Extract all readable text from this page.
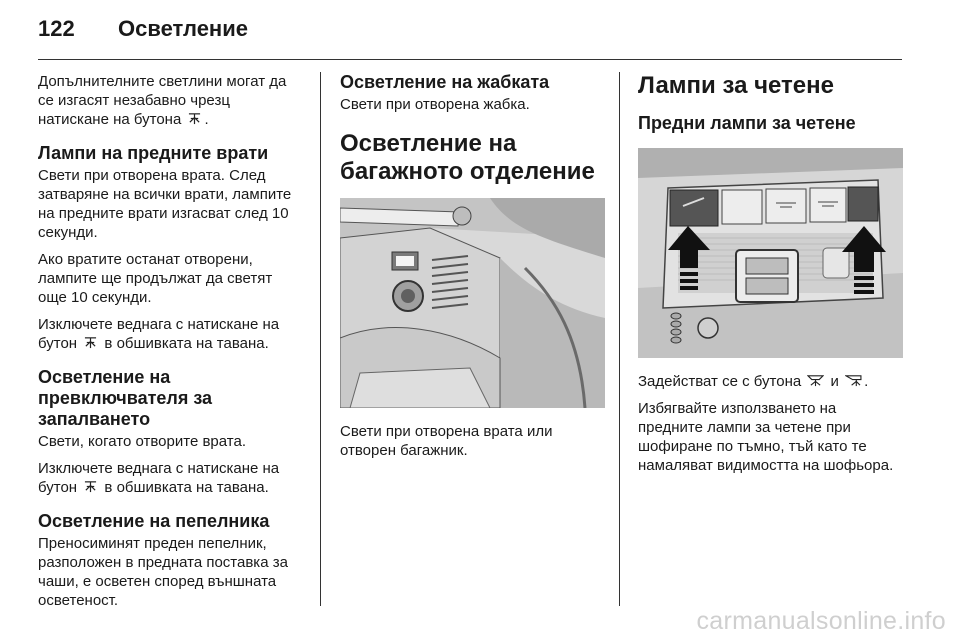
122 Осветление

Допълнителните светлини могат да се изгасят незабавно чрезц натискане на бутона .

Лампи на предните врати

Свети при отворена врата. След затваряне на всички врати, лампите на предните врати изгасват след 10 секунди.

Ако вратите останат отворени, лампите ще продължат да светят още 10 секунди.

Изключете веднага с натискане на бутон  в обшивката на тавана.

Осветление на превключвателя за запалването

Свети, когато отворите врата.

Изключете веднага с натискане на бутон  в обшивката на тавана.

Осветление на пепелника

Преносиминят преден пепелник, разположен в предната поставка за чаши, е осветен според външната осветеност.

Осветление на жабката

Свети при отворена жабка.

Осветление на багажното отделение

Свети при отворена врата или отворен багажник.

Лампи за четене
Предни лампи за четене

Задействат се с бутона  и .

Избягвайте използването на предните лампи за четене при шофиране по тъмно, тъй като те намаляват видимостта на шофьора.

carmanualsonline.info
